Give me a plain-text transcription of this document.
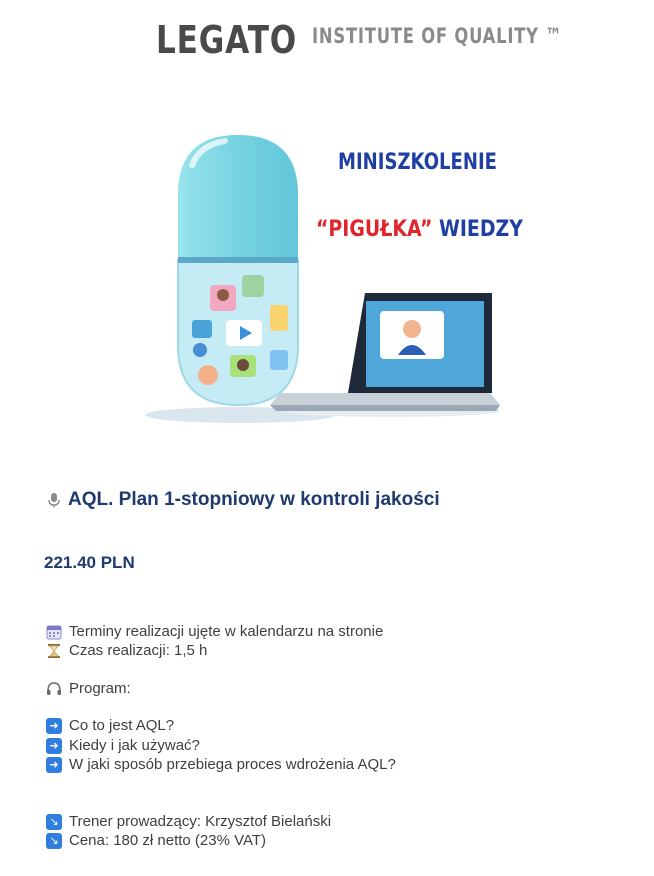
LEGATO INSTITUTE OF QUALITY ™
MINISZKOLENIE
“PIGUŁKA” WIEDZY
AQL. Plan 1-stopniowy w kontroli jakości
221.40 PLN
Terminy realizacji ujęte w kalendarzu na stronie
Czas realizacji: 1,5 h
Program:
➜ Co to jest AQL?
➜ Kiedy i jak używać?
➜ W jaki sposób przebiega proces wdrożenia AQL?
↘ Trener prowadzący: Krzysztof Bielański
↘ Cena: 180 zł netto (23% VAT)
